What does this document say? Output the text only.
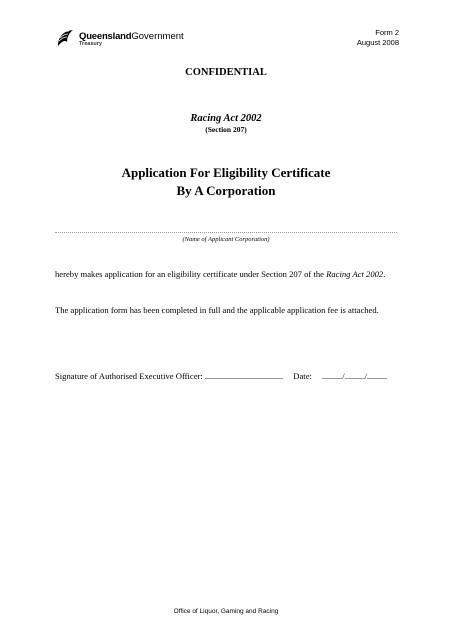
QueenslandGovernment
Treasury
Form 2
August 2008
CONFIDENTIAL
Racing Act 2002
(Section 207)
Application For Eligibility Certificate
By A Corporation
(Name of Applicant Corporation)
hereby makes application for an eligibility certificate under Section 207 of the Racing Act 2002.
The application form has been completed in full and the applicable application fee is attached.
Signature of Authorised Executive Officer:	Date:	/ /
Office of Liquor, Gaming and Racing
